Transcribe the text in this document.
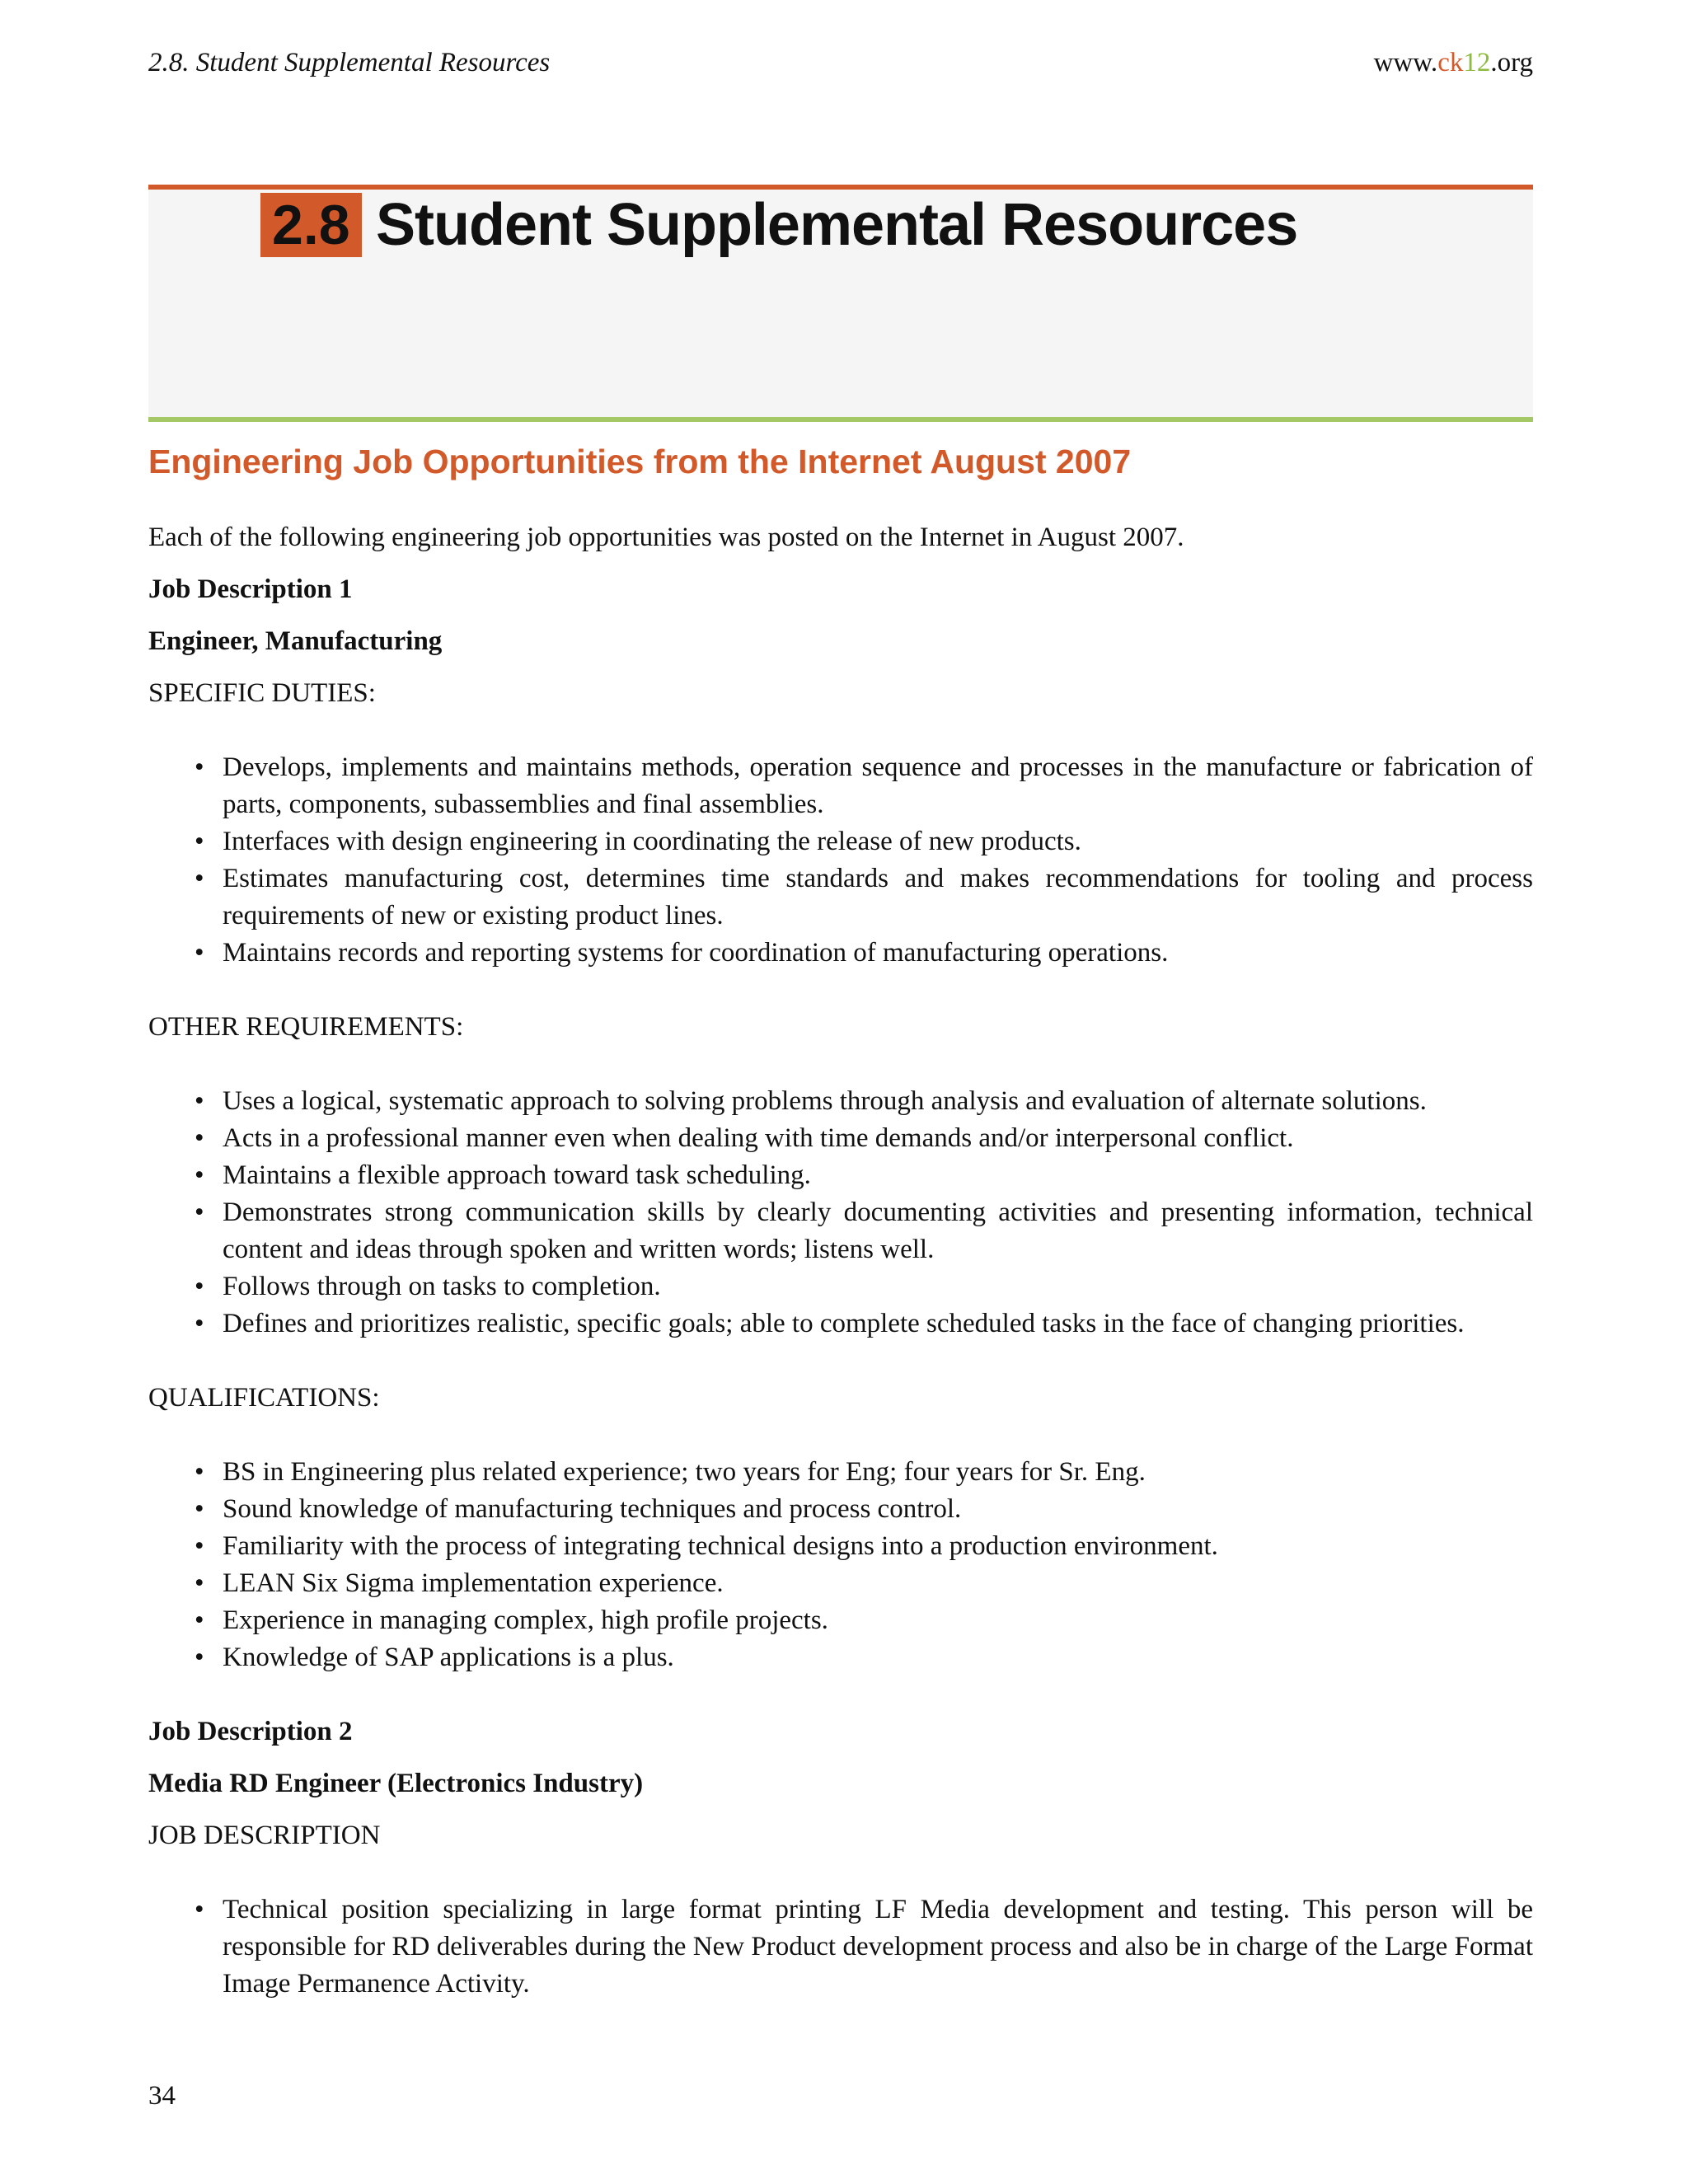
2.8. Student Supplemental Resources	www.ck12.org
2.8 Student Supplemental Resources
Engineering Job Opportunities from the Internet August 2007

Each of the following engineering job opportunities was posted on the Internet in August 2007.

Job Description 1

Engineer, Manufacturing

SPECIFIC DUTIES:

• Develops, implements and maintains methods, operation sequence and processes in the manufacture or fabrication of parts, components, subassemblies and final assemblies.
• Interfaces with design engineering in coordinating the release of new products.
• Estimates manufacturing cost, determines time standards and makes recommendations for tooling and process requirements of new or existing product lines.
• Maintains records and reporting systems for coordination of manufacturing operations.

OTHER REQUIREMENTS:

• Uses a logical, systematic approach to solving problems through analysis and evaluation of alternate solutions.
• Acts in a professional manner even when dealing with time demands and/or interpersonal conflict.
• Maintains a flexible approach toward task scheduling.
• Demonstrates strong communication skills by clearly documenting activities and presenting information, technical content and ideas through spoken and written words; listens well.
• Follows through on tasks to completion.
• Defines and prioritizes realistic, specific goals; able to complete scheduled tasks in the face of changing priorities.

QUALIFICATIONS:

• BS in Engineering plus related experience; two years for Eng; four years for Sr. Eng.
• Sound knowledge of manufacturing techniques and process control.
• Familiarity with the process of integrating technical designs into a production environment.
• LEAN Six Sigma implementation experience.
• Experience in managing complex, high profile projects.
• Knowledge of SAP applications is a plus.

Job Description 2

Media RD Engineer (Electronics Industry)

JOB DESCRIPTION

• Technical position specializing in large format printing LF Media development and testing. This person will be responsible for RD deliverables during the New Product development process and also be in charge of the Large Format Image Permanence Activity.
34
